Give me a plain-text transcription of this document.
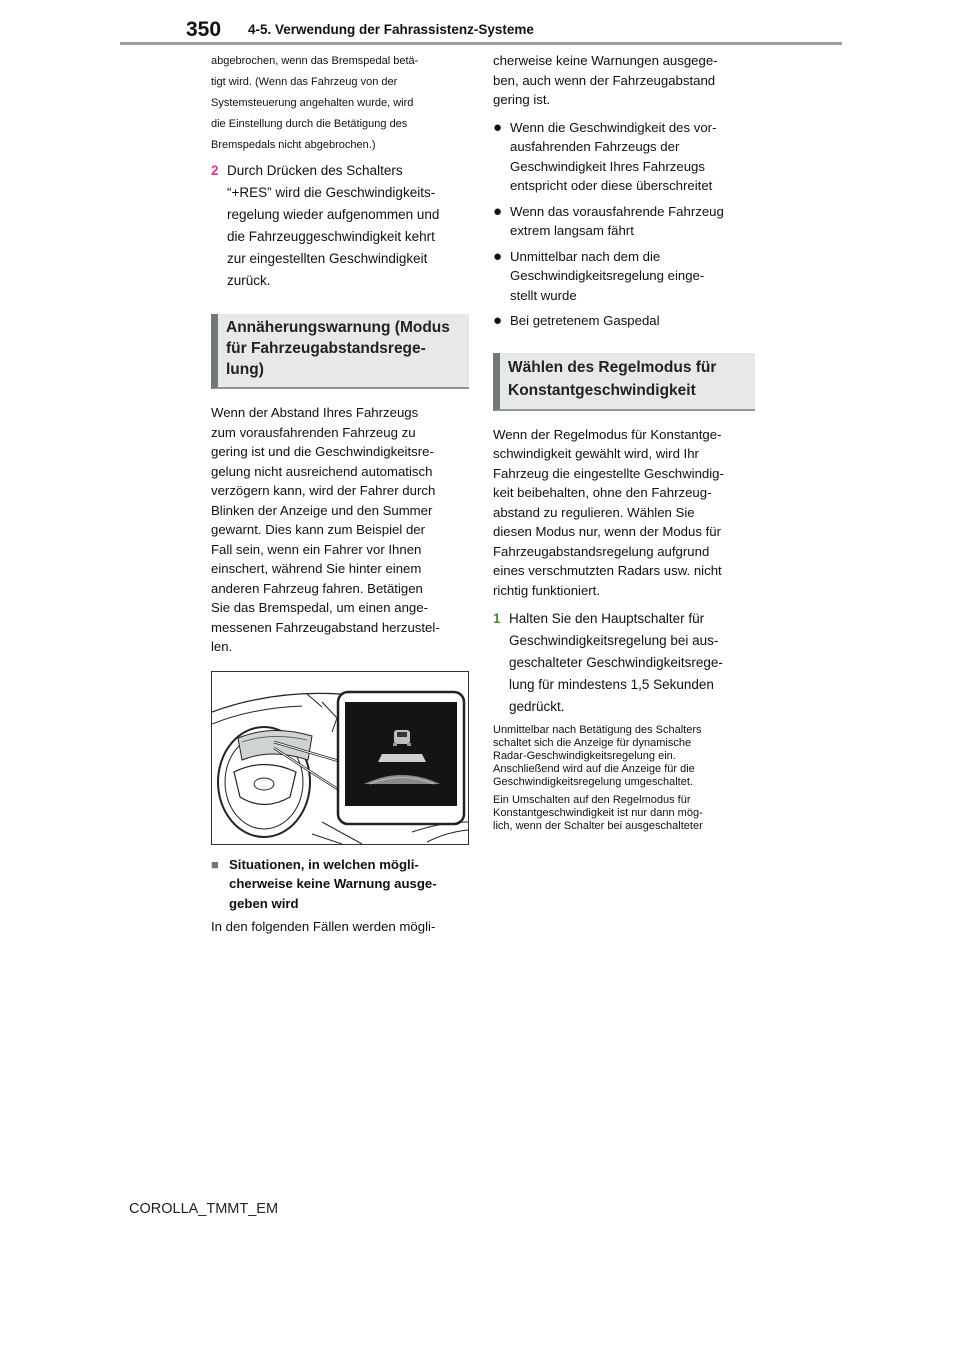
350 4-5. Verwendung der Fahrassistenz-Systeme
abgebrochen, wenn das Bremspedal betä-
tigt wird. (Wenn das Fahrzeug von der
Systemsteuerung angehalten wurde, wird
die Einstellung durch die Betätigung des
Bremspedals nicht abgebrochen.)
2 Durch Drücken des Schalters
“+RES” wird die Geschwindigkeits-
regelung wieder aufgenommen und
die Fahrzeuggeschwindigkeit kehrt
zur eingestellten Geschwindigkeit
zurück.
Annäherungswarnung (Modus
für Fahrzeugabstandsrege-
lung)
Wenn der Abstand Ihres Fahrzeugs
zum vorausfahrenden Fahrzeug zu
gering ist und die Geschwindigkeitsre-
gelung nicht ausreichend automatisch
verzögern kann, wird der Fahrer durch
Blinken der Anzeige und den Summer
gewarnt. Dies kann zum Beispiel der
Fall sein, wenn ein Fahrer vor Ihnen
einschert, während Sie hinter einem
anderen Fahrzeug fahren. Betätigen
Sie das Bremspedal, um einen ange-
messenen Fahrzeugabstand herzustel-
len.
■ Situationen, in welchen mögli-
cherweise keine Warnung ausge-
geben wird
In den folgenden Fällen werden mögli-
cherweise keine Warnungen ausgege-
ben, auch wenn der Fahrzeugabstand
gering ist.
● Wenn die Geschwindigkeit des vor-
ausfahrenden Fahrzeugs der
Geschwindigkeit Ihres Fahrzeugs
entspricht oder diese überschreitet
● Wenn das vorausfahrende Fahrzeug
extrem langsam fährt
● Unmittelbar nach dem die
Geschwindigkeitsregelung einge-
stellt wurde
● Bei getretenem Gaspedal
Wählen des Regelmodus für
Konstantgeschwindigkeit
Wenn der Regelmodus für Konstantge-
schwindigkeit gewählt wird, wird Ihr
Fahrzeug die eingestellte Geschwindig-
keit beibehalten, ohne den Fahrzeug-
abstand zu regulieren. Wählen Sie
diesen Modus nur, wenn der Modus für
Fahrzeugabstandsregelung aufgrund
eines verschmutzten Radars usw. nicht
richtig funktioniert.
1 Halten Sie den Hauptschalter für
Geschwindigkeitsregelung bei aus-
geschalteter Geschwindigkeitsrege-
lung für mindestens 1,5 Sekunden
gedrückt.
Unmittelbar nach Betätigung des Schalters
schaltet sich die Anzeige für dynamische
Radar-Geschwindigkeitsregelung ein.
Anschließend wird auf die Anzeige für die
Geschwindigkeitsregelung umgeschaltet.
Ein Umschalten auf den Regelmodus für
Konstantgeschwindigkeit ist nur dann mög-
lich, wenn der Schalter bei ausgeschalteter
COROLLA_TMMT_EM
